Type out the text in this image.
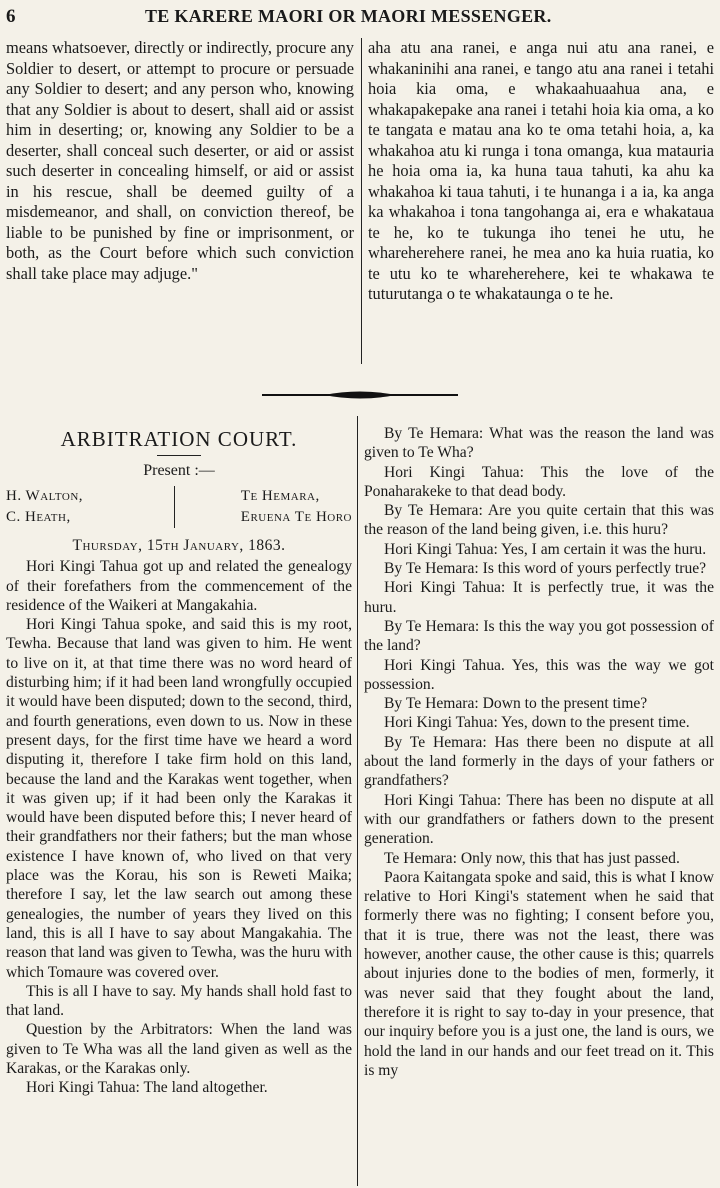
6	TE KARERE MAORI OR MAORI MESSENGER.

means whatsoever, directly or indirectly, procure any Soldier to desert, or attempt to procure or persuade any Soldier to desert; and any person who, knowing that any Soldier is about to desert, shall aid or assist him in deserting; or, knowing any Soldier to be a deserter, shall conceal such deserter, or aid or assist such deserter in concealing himself, or aid or assist in his rescue, shall be deemed guilty of a misdemeanor, and shall, on conviction thereof, be liable to be punished by fine or imprisonment, or both, as the Court before which such conviction shall take place may adjuge."

aha atu ana ranei, e anga nui atu ana ranei, e whakaninihi ana ranei, e tango atu ana ranei i tetahi hoia kia oma, e whakaahuaahua ana, e whakapakepake ana ranei i tetahi hoia kia oma, a ko te tangata e matau ana ko te oma tetahi hoia, a, ka whakahoa atu ki runga i tona omanga, kua matauria he hoia oma ia, ka huna taua tahuti, ka ahu ka whakahoa ki taua tahuti, i te hunanga i a ia, ka anga ka whakahoa i tona tangohanga ai, era e whakataua te he, ko te tukunga iho tenei he utu, he whareherehere ranei, he mea ano ka huia ruatia, ko te utu ko te whareherehere, kei te whakawa te tuturutanga o te whakataunga o te he.

ARBITRATION COURT.
Present :—
H. Walton,
C. Heath,
Te Hemara,
Eruena Te Horo
Thursday, 15th January, 1863.

Hori Kingi Tahua got up and related the genealogy of their forefathers from the commencement of the residence of the Waikeri at Mangakahia.

Hori Kingi Tahua spoke, and said this is my root, Tewha. Because that land was given to him. He went to live on it, at that time there was no word heard of disturbing him; if it had been land wrongfully occupied it would have been disputed; down to the second, third, and fourth generations, even down to us. Now in these present days, for the first time have we heard a word disputing it, therefore I take firm hold on this land, because the land and the Karakas went together, when it was given up; if it had been only the Karakas it would have been disputed before this; I never heard of their grandfathers nor their fathers; but the man whose existence I have known of, who lived on that very place was the Korau, his son is Reweti Maika; therefore I say, let the law search out among these genealogies, the number of years they lived on this land, this is all I have to say about Mangakahia. The reason that land was given to Tewha, was the huru with which Tomaure was covered over.

This is all I have to say. My hands shall hold fast to that land.

Question by the Arbitrators: When the land was given to Te Wha was all the land given as well as the Karakas, or the Karakas only.

Hori Kingi Tahua: The land altogether.

By Te Hemara: What was the reason the land was given to Te Wha?

Hori Kingi Tahua: This the love of the Ponaharakeke to that dead body.

By Te Hemara: Are you quite certain that this was the reason of the land being given, i.e. this huru?

Hori Kingi Tahua: Yes, I am certain it was the huru.

By Te Hemara: Is this word of yours perfectly true?

Hori Kingi Tahua: It is perfectly true, it was the huru.

By Te Hemara: Is this the way you got possession of the land?

Hori Kingi Tahua. Yes, this was the way we got possession.

By Te Hemara: Down to the present time?

Hori Kingi Tahua: Yes, down to the present time.

By Te Hemara: Has there been no dispute at all about the land formerly in the days of your fathers or grandfathers?

Hori Kingi Tahua: There has been no dispute at all with our grandfathers or fathers down to the present generation.

Te Hemara: Only now, this that has just passed.

Paora Kaitangata spoke and said, this is what I know relative to Hori Kingi's statement when he said that formerly there was no fighting; I consent before you, that it is true, there was not the least, there was however, another cause, the other cause is this; quarrels about injuries done to the bodies of men, formerly, it was never said that they fought about the land, therefore it is right to say to-day in your presence, that our inquiry before you is a just one, the land is ours, we hold the land in our hands and our feet tread on it. This is my
